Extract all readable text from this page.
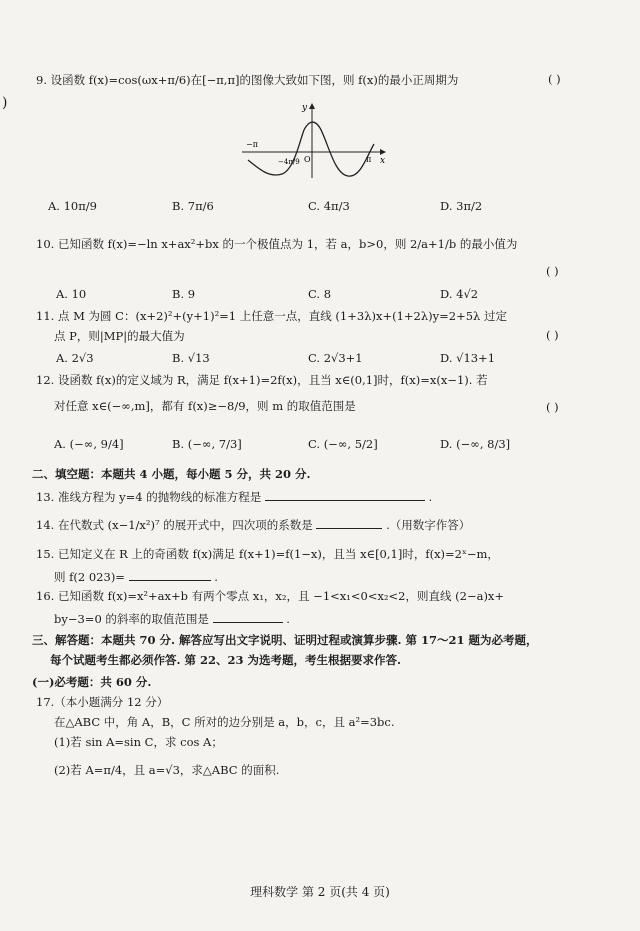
)
9. 设函数 f(x)=cos(ωx+π/6)在[−π,π]的图像大致如下图，则 f(x)的最小正周期为	( )
y
x
O
−π
π
−4π/9
A. 10π/9	B. 7π/6	C. 4π/3	D. 3π/2
10. 已知函数 f(x)=−ln x+ax²+bx 的一个极值点为 1，若 a，b>0，则 2/a+1/b 的最小值为
( )
A. 10	B. 9	C. 8	D. 4√2
11. 点 M 为圆 C：(x+2)²+(y+1)²=1 上任意一点，直线 (1+3λ)x+(1+2λ)y=2+5λ 过定
点 P，则|MP|的最大值为	( )
A. 2√3	B. √13	C. 2√3+1	D. √13+1
12. 设函数 f(x)的定义域为 R，满足 f(x+1)=2f(x)，且当 x∈(0,1]时，f(x)=x(x−1). 若
对任意 x∈(−∞,m]，都有 f(x)≥−8/9，则 m 的取值范围是	( )
A. (−∞, 9/4]	B. (−∞, 7/3]	C. (−∞, 5/2]	D. (−∞, 8/3]
二、填空题：本题共 4 小题，每小题 5 分，共 20 分.
13. 准线方程为 y=4 的抛物线的标准方程是	.
14. 在代数式 (x−1/x²)⁷ 的展开式中，四次项的系数是	.（用数字作答）
15. 已知定义在 R 上的奇函数 f(x)满足 f(x+1)=f(1−x)，且当 x∈[0,1]时，f(x)=2ˣ−m，
则 f(2 023)=	.
16. 已知函数 f(x)=x²+ax+b 有两个零点 x₁，x₂，且 −1<x₁<0<x₂<2，则直线 (2−a)x+
by−3=0 的斜率的取值范围是	.
三、解答题：本题共 70 分. 解答应写出文字说明、证明过程或演算步骤. 第 17～21 题为必考题，
每个试题考生都必须作答. 第 22、23 为选考题，考生根据要求作答.
(一)必考题：共 60 分.
17.（本小题满分 12 分）
在△ABC 中，角 A，B，C 所对的边分别是 a，b，c，且 a²=3bc.
(1)若 sin A=sin C，求 cos A；
(2)若 A=π/4，且 a=√3，求△ABC 的面积.
理科数学 第 2 页(共 4 页)
